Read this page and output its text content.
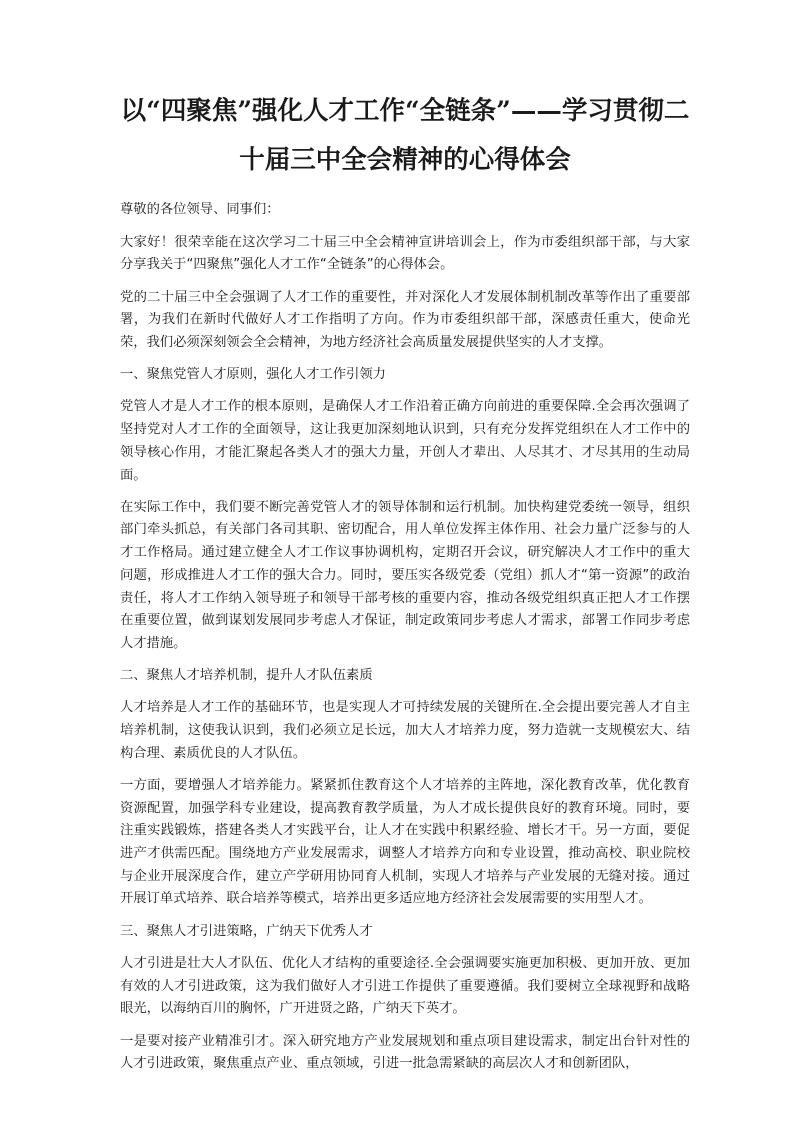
以“四聚焦”强化人才工作“全链条”——学习贯彻二
十届三中全会精神的心得体会

尊敬的各位领导、同事们：

大家好！很荣幸能在这次学习二十届三中全会精神宣讲培训会上，作为市委组织部干部，与大家分享我关于“四聚焦”强化人才工作“全链条”的心得体会。

党的二十届三中全会强调了人才工作的重要性，并对深化人才发展体制机制改革等作出了重要部署，为我们在新时代做好人才工作指明了方向。作为市委组织部干部，深感责任重大，使命光荣，我们必须深刻领会全会精神，为地方经济社会高质量发展提供坚实的人才支撑。

一、聚焦党管人才原则，强化人才工作引领力

党管人才是人才工作的根本原则，是确保人才工作沿着正确方向前进的重要保障.全会再次强调了坚持党对人才工作的全面领导，这让我更加深刻地认识到，只有充分发挥党组织在人才工作中的领导核心作用，才能汇聚起各类人才的强大力量，开创人才辈出、人尽其才、才尽其用的生动局面。

在实际工作中，我们要不断完善党管人才的领导体制和运行机制。加快构建党委统一领导，组织部门牵头抓总，有关部门各司其职、密切配合，用人单位发挥主体作用、社会力量广泛参与的人才工作格局。通过建立健全人才工作议事协调机构，定期召开会议，研究解决人才工作中的重大问题，形成推进人才工作的强大合力。同时，要压实各级党委（党组）抓人才“第一资源”的政治责任，将人才工作纳入领导班子和领导干部考核的重要内容，推动各级党组织真正把人才工作摆在重要位置，做到谋划发展同步考虑人才保证，制定政策同步考虑人才需求，部署工作同步考虑人才措施。

二、聚焦人才培养机制，提升人才队伍素质

人才培养是人才工作的基础环节，也是实现人才可持续发展的关键所在.全会提出要完善人才自主培养机制，这使我认识到，我们必须立足长远，加大人才培养力度，努力造就一支规模宏大、结构合理、素质优良的人才队伍。

一方面，要增强人才培养能力。紧紧抓住教育这个人才培养的主阵地，深化教育改革，优化教育资源配置，加强学科专业建设，提高教育教学质量，为人才成长提供良好的教育环境。同时，要注重实践锻炼，搭建各类人才实践平台，让人才在实践中积累经验、增长才干。另一方面，要促进产才供需匹配。围绕地方产业发展需求，调整人才培养方向和专业设置，推动高校、职业院校与企业开展深度合作，建立产学研用协同育人机制，实现人才培养与产业发展的无缝对接。通过开展订单式培养、联合培养等模式，培养出更多适应地方经济社会发展需要的实用型人才。

三、聚焦人才引进策略，广纳天下优秀人才

人才引进是壮大人才队伍、优化人才结构的重要途径.全会强调要实施更加积极、更加开放、更加有效的人才引进政策，这为我们做好人才引进工作提供了重要遵循。我们要树立全球视野和战略眼光，以海纳百川的胸怀，广开进贤之路，广纳天下英才。

一是要对接产业精准引才。深入研究地方产业发展规划和重点项目建设需求，制定出台针对性的人才引进政策，聚焦重点产业、重点领域，引进一批急需紧缺的高层次人才和创新团队，
